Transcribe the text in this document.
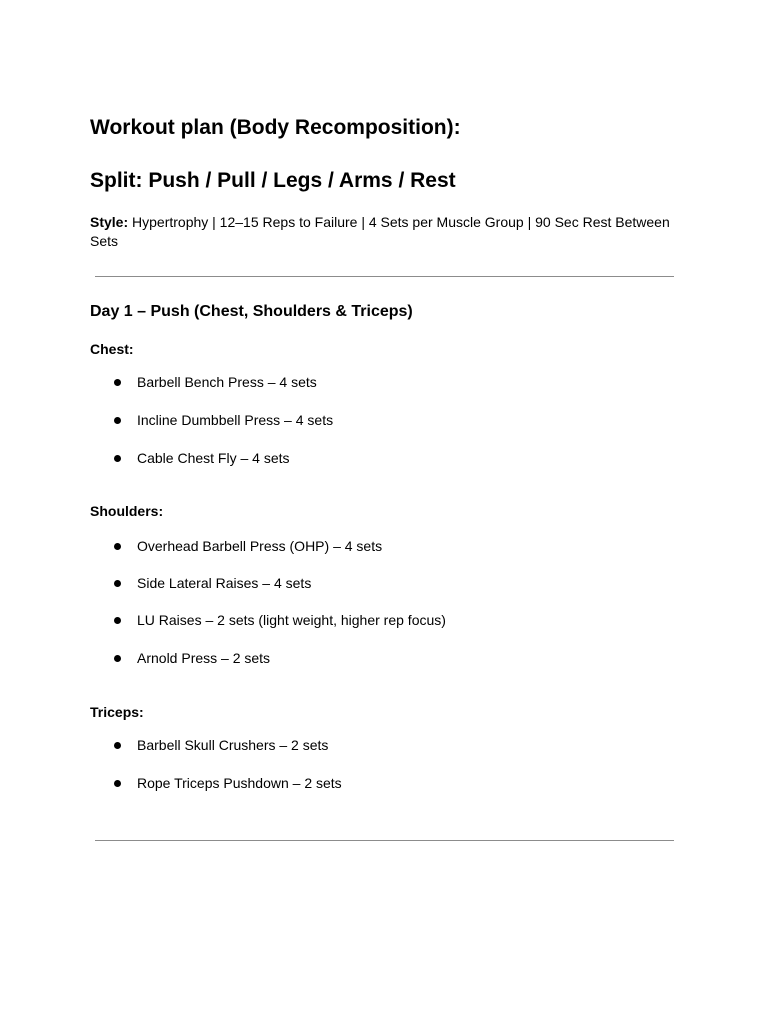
Workout plan (Body Recomposition):
Split: Push / Pull / Legs / Arms / Rest

Style: Hypertrophy | 12–15 Reps to Failure | 4 Sets per Muscle Group | 90 Sec Rest Between Sets

Day 1 – Push (Chest, Shoulders & Triceps)

Chest:

Barbell Bench Press – 4 sets
Incline Dumbbell Press – 4 sets
Cable Chest Fly – 4 sets

Shoulders:

Overhead Barbell Press (OHP) – 4 sets
Side Lateral Raises – 4 sets
LU Raises – 2 sets (light weight, higher rep focus)
Arnold Press – 2 sets

Triceps:

Barbell Skull Crushers – 2 sets
Rope Triceps Pushdown – 2 sets
